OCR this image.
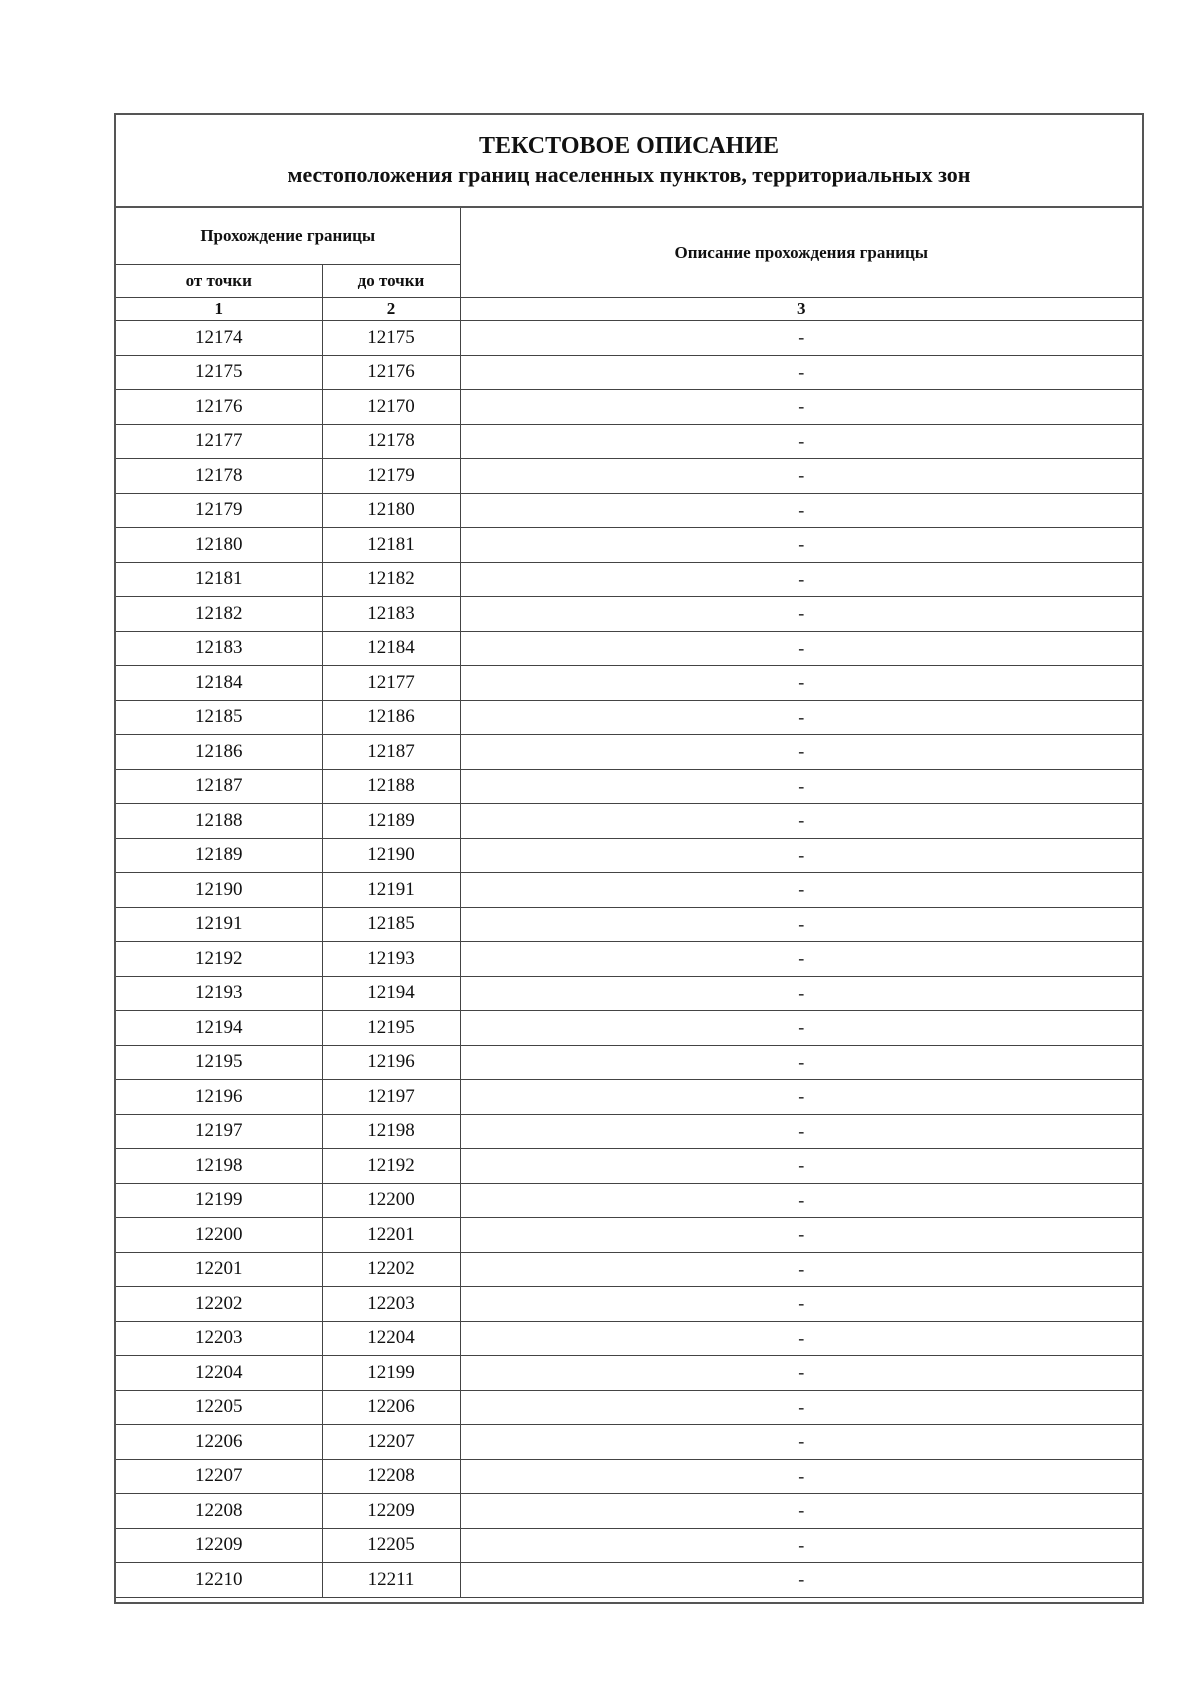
ТЕКСТОВОЕ ОПИСАНИЕ
местоположения границ населенных пунктов, территориальных зон
Прохождение границы		Описание прохождения границы
от точки	до точки	
1	2	3
12174	12175	-
12175	12176	-
12176	12170	-
12177	12178	-
12178	12179	-
12179	12180	-
12180	12181	-
12181	12182	-
12182	12183	-
12183	12184	-
12184	12177	-
12185	12186	-
12186	12187	-
12187	12188	-
12188	12189	-
12189	12190	-
12190	12191	-
12191	12185	-
12192	12193	-
12193	12194	-
12194	12195	-
12195	12196	-
12196	12197	-
12197	12198	-
12198	12192	-
12199	12200	-
12200	12201	-
12201	12202	-
12202	12203	-
12203	12204	-
12204	12199	-
12205	12206	-
12206	12207	-
12207	12208	-
12208	12209	-
12209	12205	-
12210	12211	-
